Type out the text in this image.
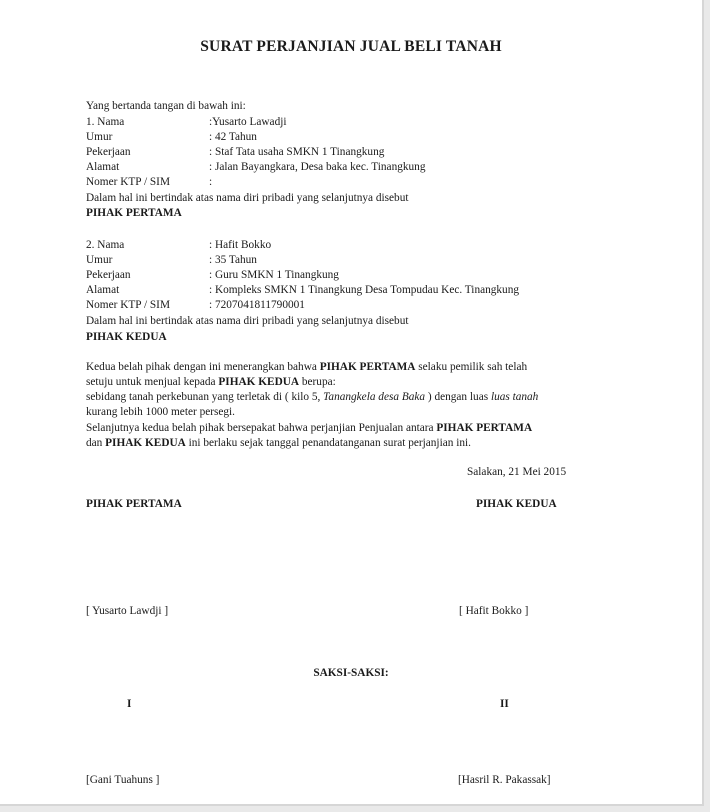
SURAT PERJANJIAN JUAL BELI TANAH
Yang bertanda tangan di bawah ini:
1. Nama	:Yusarto Lawadji
Umur	: 42 Tahun
Pekerjaan	: Staf Tata usaha SMKN 1 Tinangkung
Alamat	: Jalan Bayangkara, Desa baka kec. Tinangkung
Nomer KTP / SIM	:
Dalam hal ini bertindak atas nama diri pribadi yang selanjutnya disebut
PIHAK PERTAMA
2. Nama	: Hafit Bokko
Umur	: 35 Tahun
Pekerjaan	: Guru SMKN 1 Tinangkung
Alamat	: Kompleks SMKN 1 Tinangkung Desa Tompudau Kec. Tinangkung
Nomer KTP / SIM	: 7207041811790001
Dalam hal ini bertindak atas nama diri pribadi yang selanjutnya disebut
PIHAK KEDUA
Kedua belah pihak dengan ini menerangkan bahwa PIHAK PERTAMA selaku pemilik sah telah
setuju untuk menjual kepada PIHAK KEDUA berupa:
sebidang tanah perkebunan yang terletak di ( kilo 5, Tanangkela desa Baka ) dengan luas luas tanah
kurang lebih 1000 meter persegi.
Selanjutnya kedua belah pihak bersepakat bahwa perjanjian Penjualan antara PIHAK PERTAMA
dan PIHAK KEDUA ini berlaku sejak tanggal penandatanganan surat perjanjian ini.
Salakan, 21 Mei 2015
PIHAK PERTAMA	PIHAK KEDUA
[ Yusarto Lawdji ]	[ Hafit Bokko ]
SAKSI-SAKSI:
I	II
[Gani Tuahuns ]	[Hasril R. Pakassak]
